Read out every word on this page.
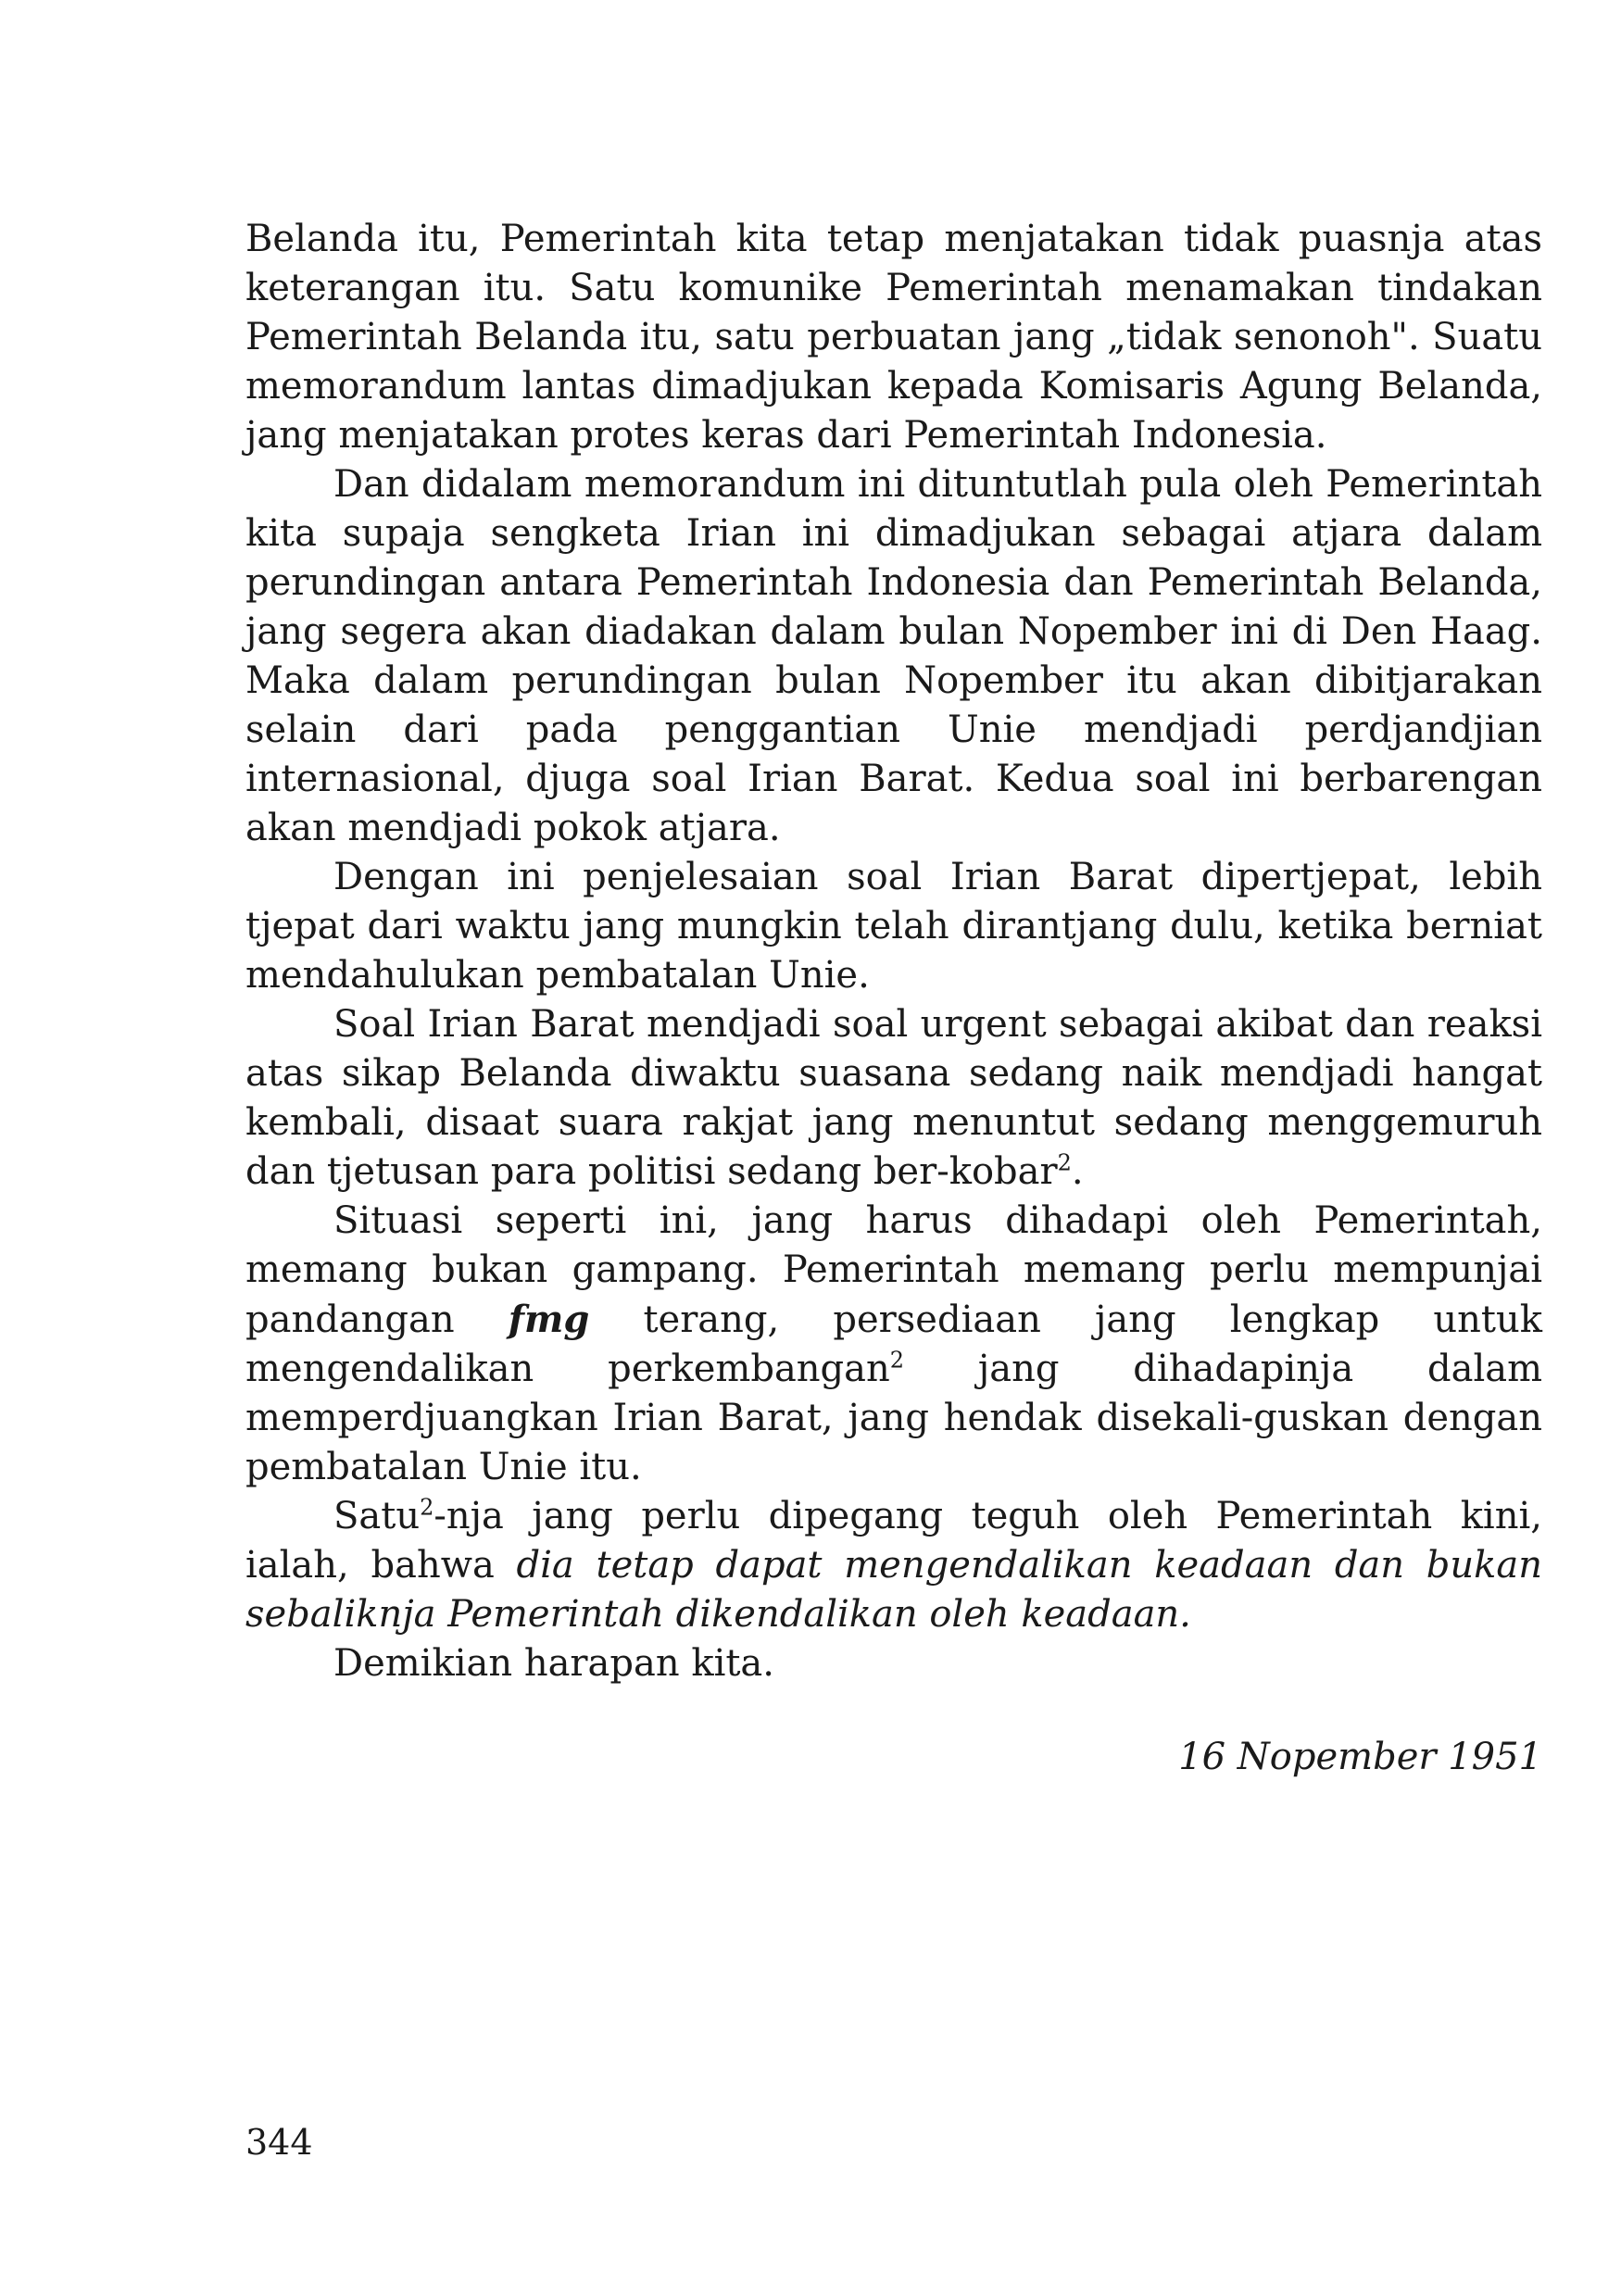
Belanda itu, Pemerintah kita tetap menjatakan tidak puasnja atas keterangan itu. Satu komunike Pemerintah menamakan tindakan Pemerintah Belanda itu, satu perbuatan jang „tidak senonoh". Suatu memorandum lantas dimadjukan kepada Komisaris Agung Belanda, jang menjatakan protes keras dari Pemerintah Indonesia.

Dan didalam memorandum ini dituntutlah pula oleh Pemerintah kita supaja sengketa Irian ini dimadjukan sebagai atjara dalam perundingan antara Pemerintah Indonesia dan Pemerintah Belanda, jang segera akan diadakan dalam bulan Nopember ini di Den Haag. Maka dalam perundingan bulan Nopember itu akan dibitjarakan selain dari pada penggantian Unie mendjadi perdjandjian internasional, djuga soal Irian Barat. Kedua soal ini berbarengan akan mendjadi pokok atjara.

Dengan ini penjelesaian soal Irian Barat dipertjepat, lebih tjepat dari waktu jang mungkin telah dirantjang dulu, ketika berniat mendahulukan pembatalan Unie.

Soal Irian Barat mendjadi soal urgent sebagai akibat dan reaksi atas sikap Belanda diwaktu suasana sedang naik mendjadi hangat kembali, disaat suara rakjat jang menuntut sedang menggemuruh dan tjetusan para politisi sedang ber-kobar$^2$.

Situasi seperti ini, jang harus dihadapi oleh Pemerintah, memang bukan gampang. Pemerintah memang perlu mempunjai pandangan fmg terang, persediaan jang lengkap untuk mengendalikan perkembangan$^2$ jang dihadapinja dalam memperdjuangkan Irian Barat, jang hendak disekali-guskan dengan pembatalan Unie itu.

Satu$^2$-nja jang perlu dipegang teguh oleh Pemerintah kini, ialah, bahwa dia tetap dapat mengendalikan keadaan dan bukan sebaliknja Pemerintah dikendalikan oleh keadaan.

Demikian harapan kita.

16 Nopember 1951
344
